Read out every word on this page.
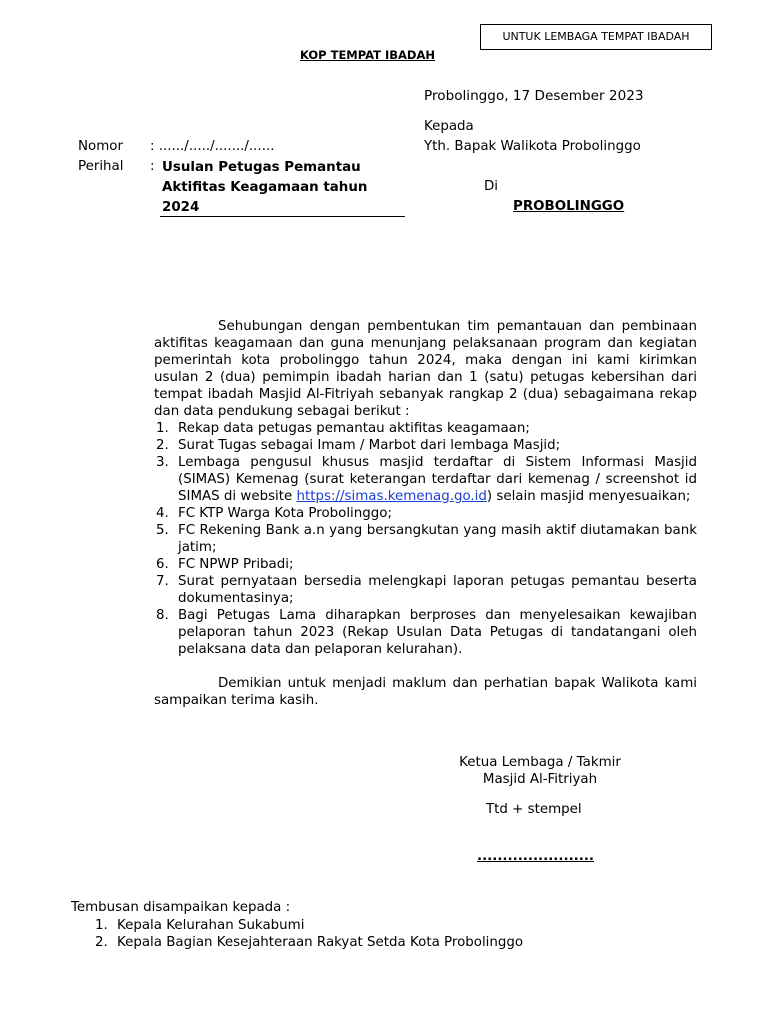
UNTUK LEMBAGA TEMPAT IBADAH
KOP TEMPAT IBADAH
Probolinggo, 17 Desember 2023
Kepada
Yth. Bapak Walikota Probolinggo
Di
PROBOLINGGO
Nomor : ....../...../......./......
Perihal : Usulan Petugas Pemantau Aktifitas Keagamaan tahun 2024
Sehubungan dengan pembentukan tim pemantauan dan pembinaan aktifitas keagamaan dan guna menunjang pelaksanaan program dan kegiatan pemerintah kota probolinggo tahun 2024, maka dengan ini kami kirimkan usulan 2 (dua) pemimpin ibadah harian dan 1 (satu) petugas kebersihan dari tempat ibadah Masjid Al-Fitriyah sebanyak rangkap 2 (dua) sebagaimana rekap dan data pendukung sebagai berikut :
1. Rekap data petugas pemantau aktifitas keagamaan;
2. Surat Tugas sebagai Imam / Marbot dari lembaga Masjid;
3. Lembaga pengusul khusus masjid terdaftar di Sistem Informasi Masjid (SIMAS) Kemenag (surat keterangan terdaftar dari kemenag / screenshot id SIMAS di website https://simas.kemenag.go.id) selain masjid menyesuaikan;
4. FC KTP Warga Kota Probolinggo;
5. FC Rekening Bank a.n yang bersangkutan yang masih aktif diutamakan bank jatim;
6. FC NPWP Pribadi;
7. Surat pernyataan bersedia melengkapi laporan petugas pemantau beserta dokumentasinya;
8. Bagi Petugas Lama diharapkan berproses dan menyelesaikan kewajiban pelaporan tahun 2023 (Rekap Usulan Data Petugas di tandatangani oleh pelaksana data dan pelaporan kelurahan).
Demikian untuk menjadi maklum dan perhatian bapak Walikota kami sampaikan terima kasih.
Ketua Lembaga / Takmir
Masjid Al-Fitriyah
Ttd + stempel
.......................
Tembusan disampaikan kepada :
1. Kepala Kelurahan Sukabumi
2. Kepala Bagian Kesejahteraan Rakyat Setda Kota Probolinggo
